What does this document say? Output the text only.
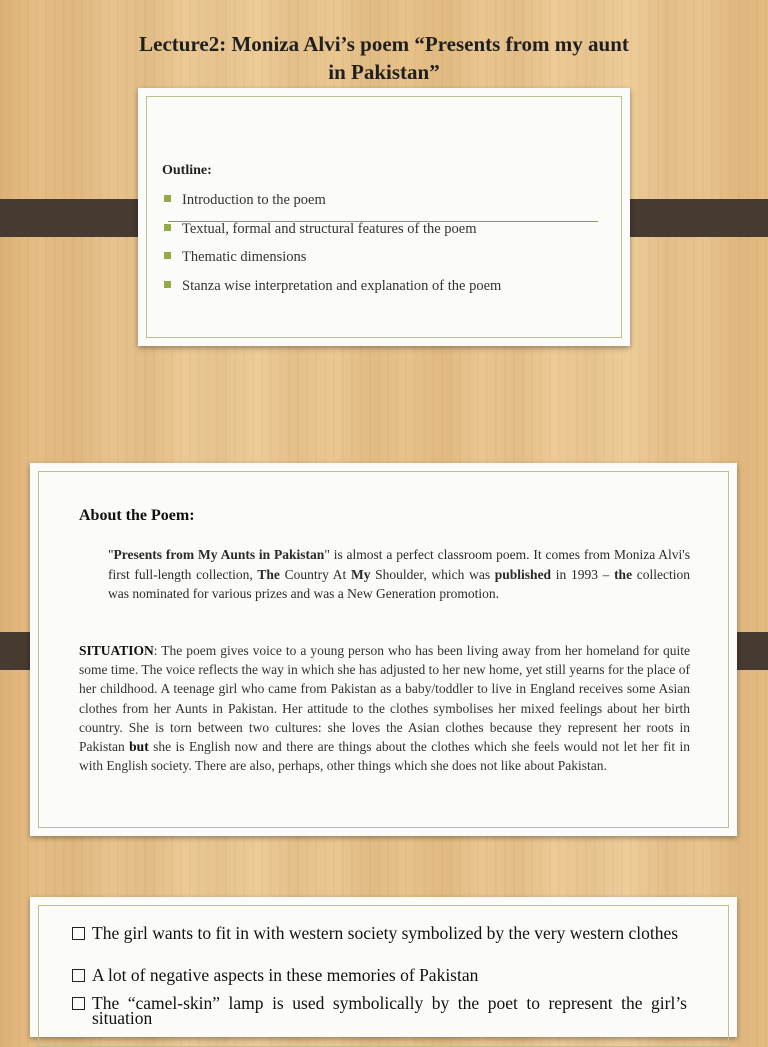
Lecture2: Moniza Alvi’s poem “Presents from my aunt
in Pakistan”
Outline:
Introduction to the poem
Textual, formal and structural features of the poem
Thematic dimensions
Stanza wise interpretation and explanation of the poem
About the Poem:
"Presents from My Aunts in Pakistan" is almost a perfect classroom poem. It comes from Moniza Alvi's first full-length collection, The Country At My Shoulder, which was published in 1993 – the collection was nominated for various prizes and was a New Generation promotion.
SITUATION: The poem gives voice to a young person who has been living away from her homeland for quite some time. The voice reflects the way in which she has adjusted to her new home, yet still yearns for the place of her childhood. A teenage girl who came from Pakistan as a baby/toddler to live in England receives some Asian clothes from her Aunts in Pakistan. Her attitude to the clothes symbolises her mixed feelings about her birth country. She is torn between two cultures: she loves the Asian clothes because they represent her roots in Pakistan but she is English now and there are things about the clothes which she feels would not let her fit in with English society. There are also, perhaps, other things which she does not like about Pakistan.
The girl wants to fit in with western society symbolized by the very western clothes
A lot of negative aspects in these memories of Pakistan
The “camel-skin” lamp is used symbolically by the poet to represent the girl’s situation
